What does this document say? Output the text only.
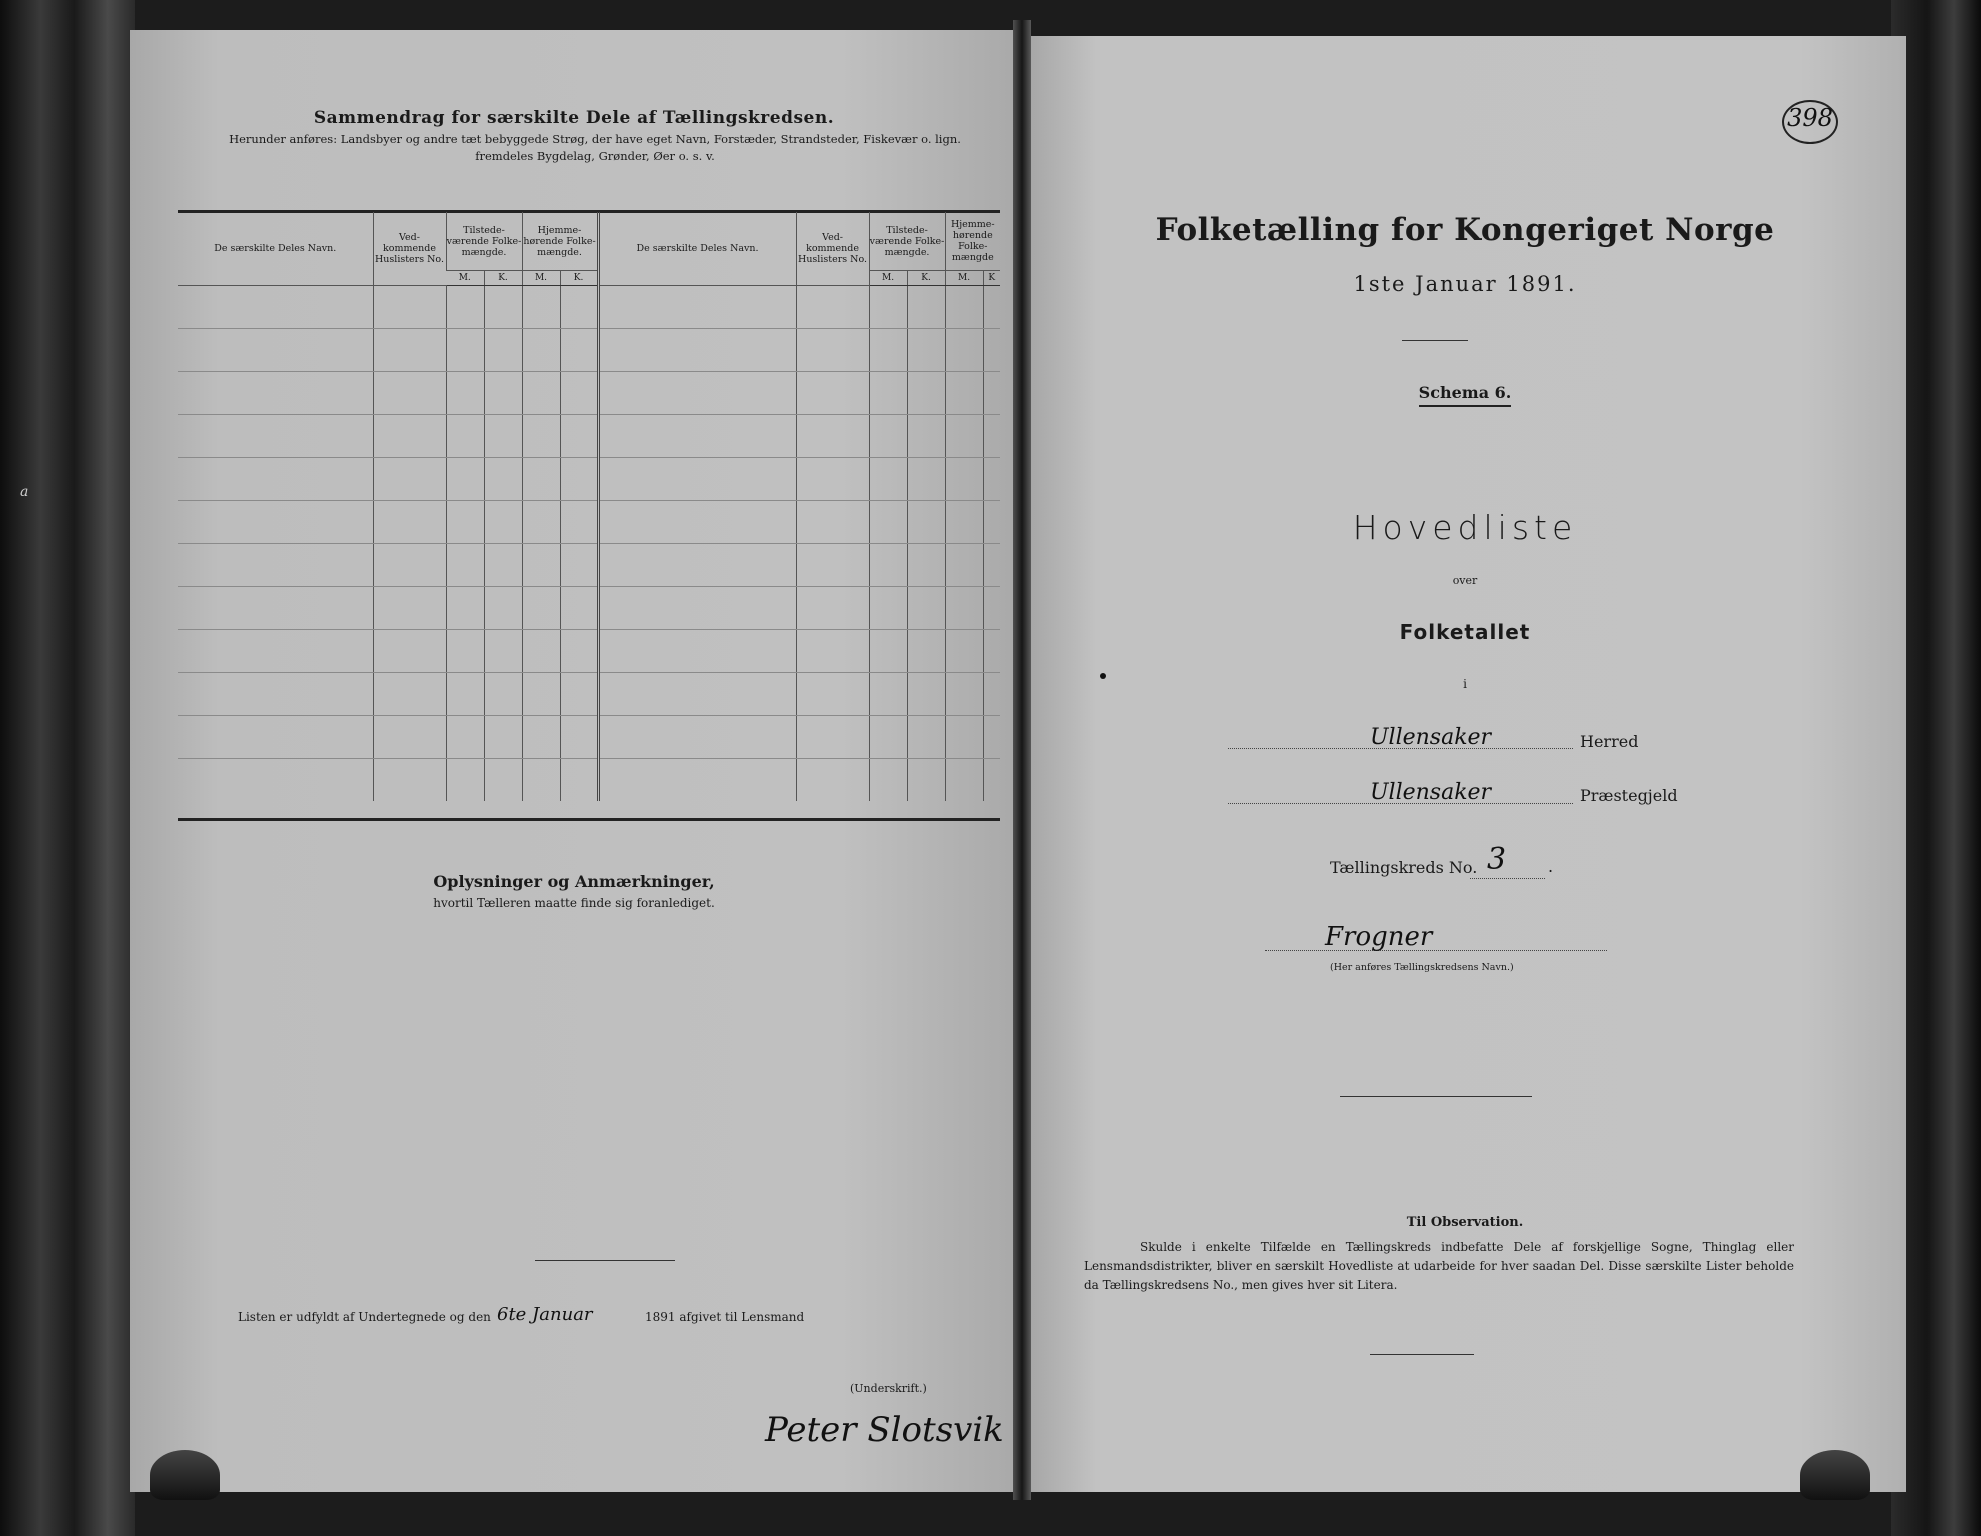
a
Sammendrag for særskilte Dele af Tællingskredsen.
Herunder anføres: Landsbyer og andre tæt bebyggede Strøg, der have eget Navn, Forstæder, Strandsteder, Fiskevær o. lign.
fremdeles Bygdelag, Grønder, Øer o. s. v.
De særskilte Deles Navn.	Ved-kommende Huslisters No.	Tilstede-værende Folke-mængde.		Hjemme-hørende Folke-mængde.		De særskilte Deles Navn.	Ved-kommende Huslisters No.	Tilstede-værende Folke-mængde.		Hjemme-hørende Folke-mængde	
		M.	K.	M.	K.			M.	K.	M.	K

Oplysninger og Anmærkninger,
hvortil Tælleren maatte finde sig foranlediget.
Listen er udfyldt af Undertegnede og den 6te Januar	1891 afgivet til Lensmand
(Underskrift.)
Peter Slotsvik
398
Folketælling for Kongeriget Norge
1ste Januar 1891.
Schema 6.
Hovedliste
over
Folketallet
i
Ullensaker	Herred
Ullensaker	Præstegjeld
Tællingskreds No. 3	.
Frogner
(Her anføres Tællingskredsens Navn.)
Til Observation.
Skulde i enkelte Tilfælde en Tællingskreds indbefatte Dele af forskjellige Sogne, Thinglag eller Lensmandsdistrikter, bliver en særskilt Hovedliste at udarbeide for hver saadan Del. Disse særskilte Lister beholde da Tællingskredsens No., men gives hver sit Litera.
